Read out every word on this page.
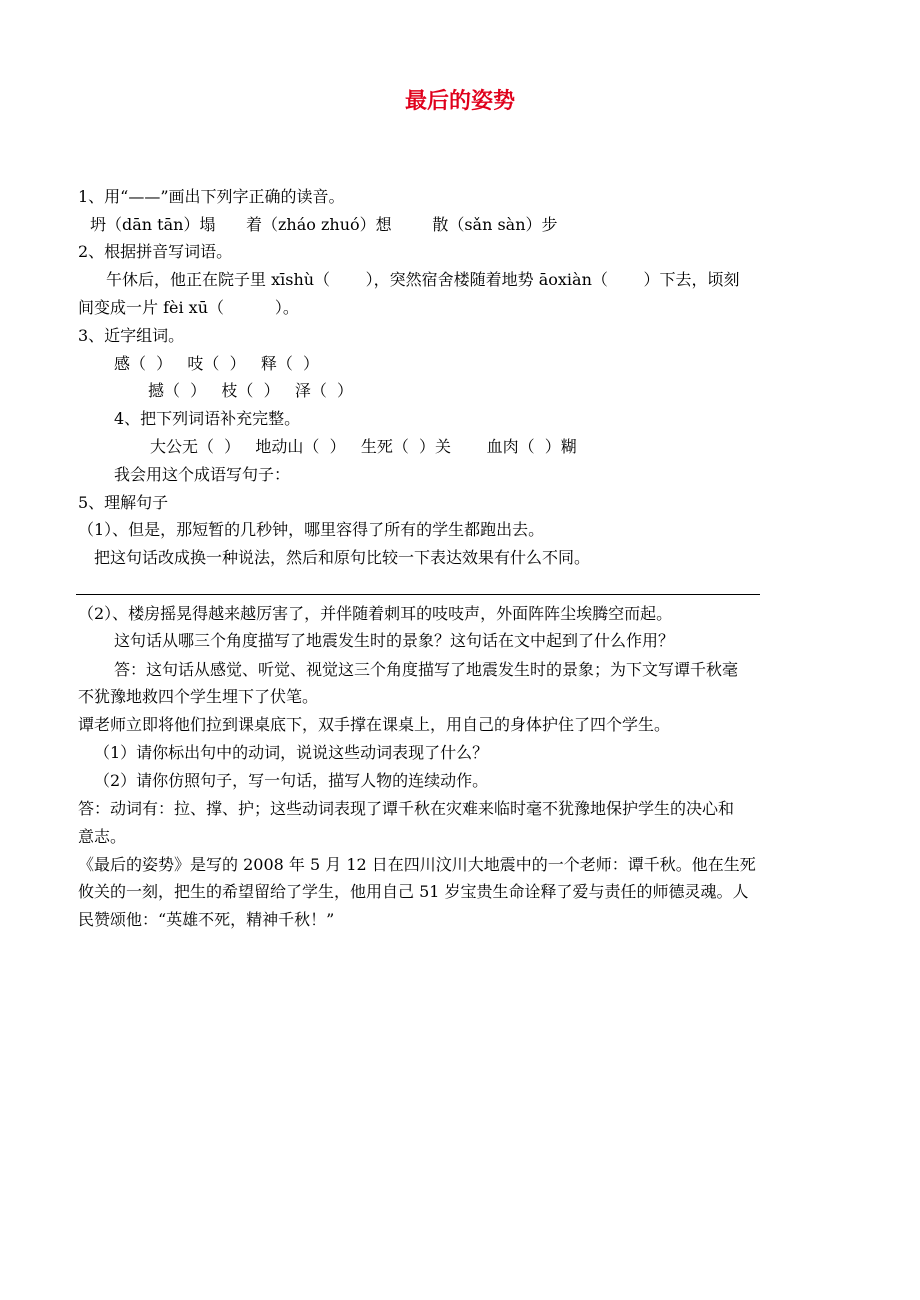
最后的姿势
1、用“——”画出下列字正确的读音。
坍（dān tān）塌      着（zháo zhuó）想        散（sǎn sàn）步
2、根据拼音写词语。
午休后，他正在院子里 xīshù（       ），突然宿舍楼随着地势 āoxiàn（       ）下去，顷刻
间变成一片 fèi xū（          ）。
3、近字组词。
感（  ）   吱（  ）   释（  ）
撼（  ）   枝（  ）   泽（  ）
4、把下列词语补充完整。
大公无（  ）   地动山（  ）   生死（  ）关       血肉（  ）糊
我会用这个成语写句子：
5、理解句子
（1）、但是，那短暂的几秒钟，哪里容得了所有的学生都跑出去。
把这句话改成换一种说法，然后和原句比较一下表达效果有什么不同。
（2）、楼房摇晃得越来越厉害了，并伴随着刺耳的吱吱声，外面阵阵尘埃腾空而起。
这句话从哪三个角度描写了地震发生时的景象？这句话在文中起到了什么作用？
答：这句话从感觉、听觉、视觉这三个角度描写了地震发生时的景象；为下文写谭千秋毫
不犹豫地救四个学生埋下了伏笔。
谭老师立即将他们拉到课桌底下，双手撑在课桌上，用自己的身体护住了四个学生。
（1）请你标出句中的动词，说说这些动词表现了什么？
（2）请你仿照句子，写一句话，描写人物的连续动作。
答：动词有：拉、撑、护；这些动词表现了谭千秋在灾难来临时毫不犹豫地保护学生的决心和
意志。
《最后的姿势》是写的 2008 年 5 月 12 日在四川汶川大地震中的一个老师：谭千秋。他在生死
攸关的一刻，把生的希望留给了学生，他用自己 51 岁宝贵生命诠释了爱与责任的师德灵魂。人
民赞颂他：“英雄不死，精神千秋！”
